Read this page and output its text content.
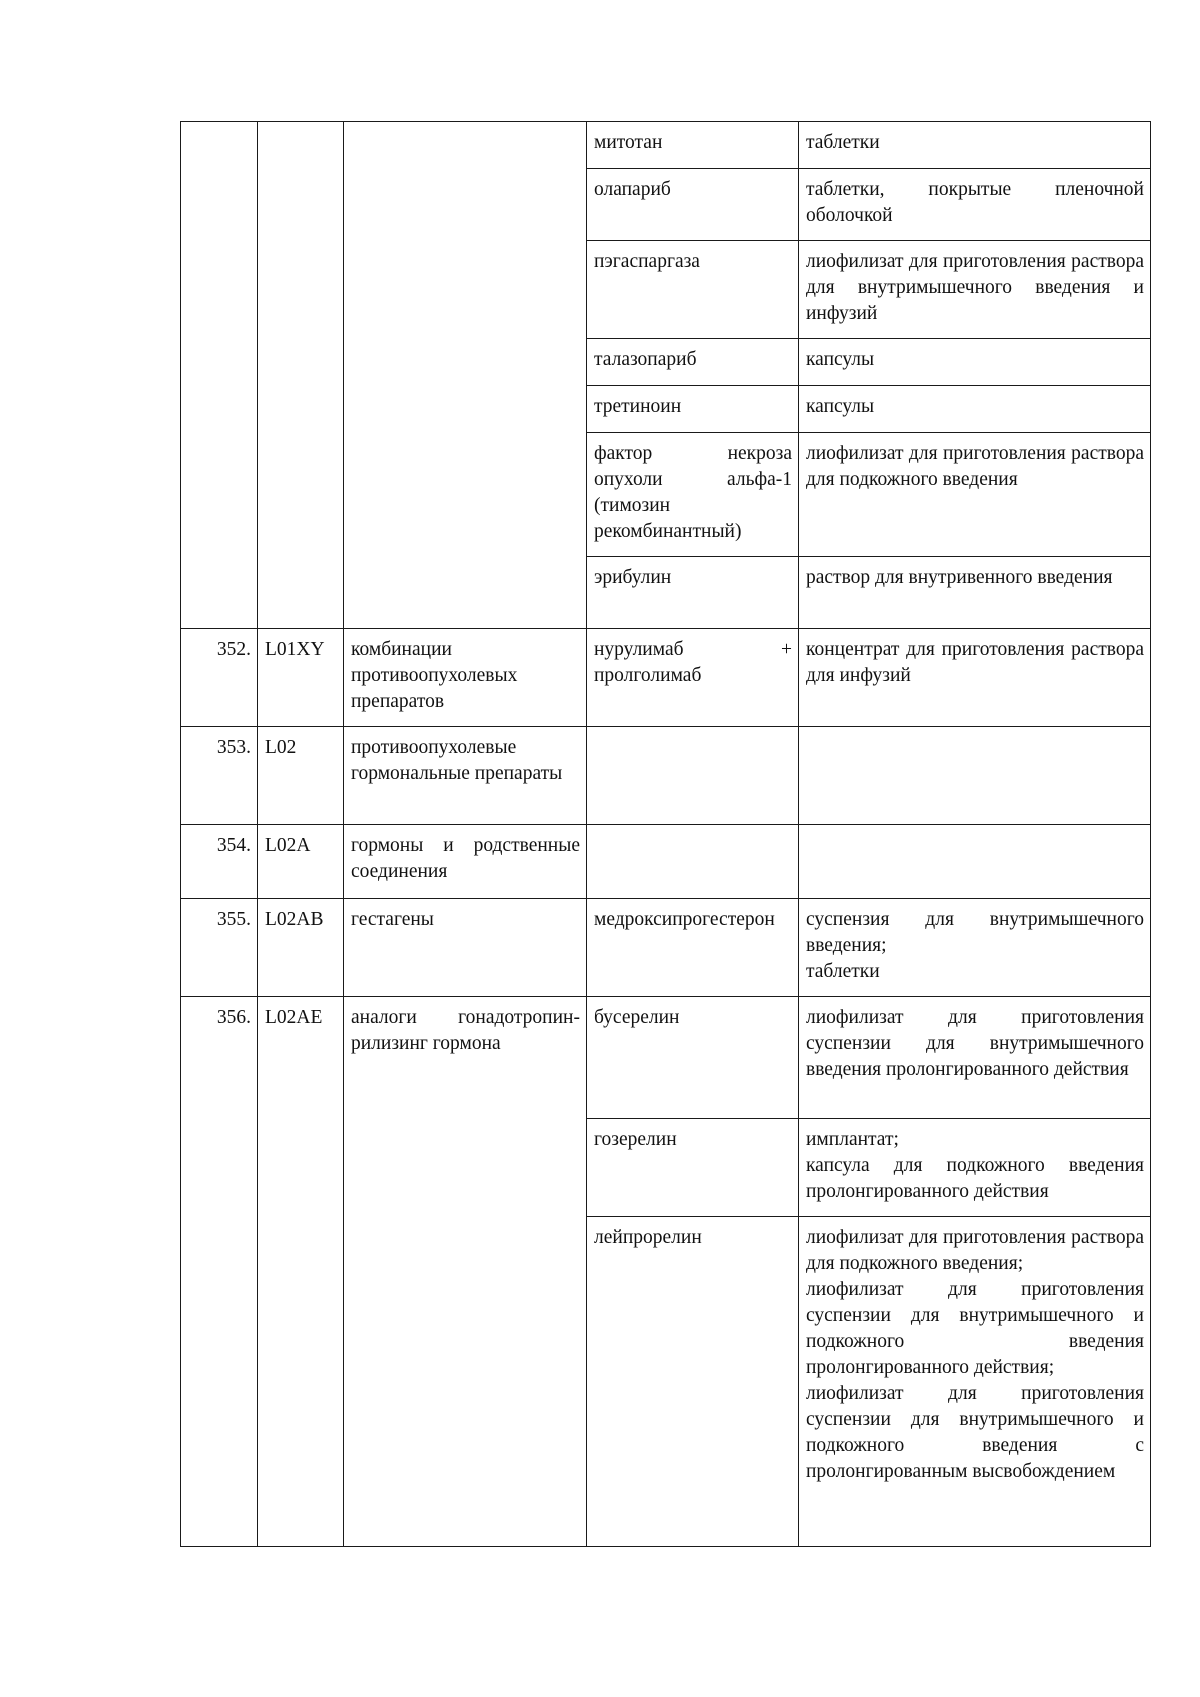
			митотан	таблетки

			олапариб	таблетки, покрытые пленочной оболочкой

			пэгаспаргаза	лиофилизат для приготовления раствора для внутримышечного введения и инфузий

			талазопариб	капсулы

			третиноин	капсулы

			фактор некроза опухоли альфа-1 (тимозин рекомбинантный)	лиофилизат для приготовления раствора для подкожного введения

			эрибулин	раствор для внутривенного введения

352.	L01XY	комбинации противоопухолевых препаратов	нурулимаб + пролголимаб	концентрат для приготовления раствора для инфузий

353.	L02	противоопухолевые гормональные препараты		

354.	L02A	гормоны и родственные соединения		

355.	L02AB	гестагены	медроксипрогестерон	суспензия для внутримышечного введения;
таблетки

356.	L02AE	аналоги гонадотропин-рилизинг гормона	бусерелин	лиофилизат для приготовления суспензии для внутримышечного введения пролонгированного действия

			гозерелин	имплантат;
капсула для подкожного введения пролонгированного действия

			лейпрорелин	лиофилизат для приготовления раствора для подкожного введения;
лиофилизат для приготовления суспензии для внутримышечного и подкожного введения пролонгированного действия;
лиофилизат для приготовления суспензии для внутримышечного и подкожного введения с пролонгированным высвобождением
